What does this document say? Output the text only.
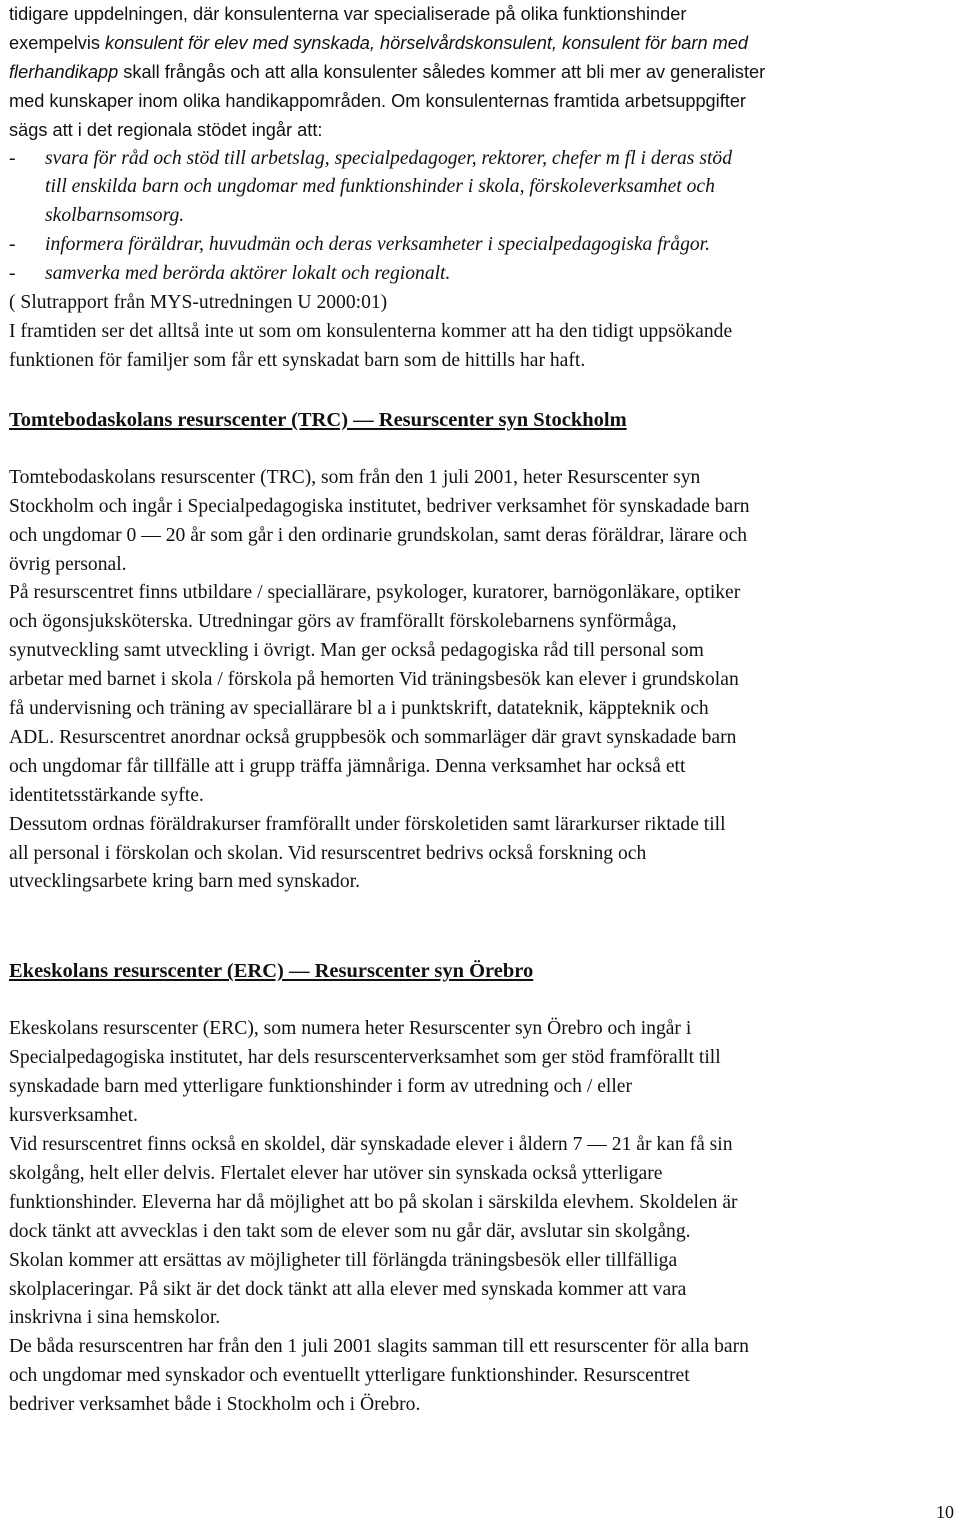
tidigare uppdelningen, där konsulenterna var specialiserade på olika funktionshinder
exempelvis konsulent för elev med synskada, hörselvårdskonsulent, konsulent för barn med
flerhandikapp skall frångås och att alla konsulenter således kommer att bli mer av generalister
med kunskaper inom olika handikappområden. Om konsulenternas framtida arbetsuppgifter
sägs att i det regionala stödet ingår att:
- svara för råd och stöd till arbetslag, specialpedagoger, rektorer, chefer m fl i deras stöd
till enskilda barn och ungdomar med funktionshinder i skola, förskoleverksamhet och
skolbarnsomsorg.
- informera föräldrar, huvudmän och deras verksamheter i specialpedagogiska frågor.
- samverka med berörda aktörer lokalt och regionalt.

( Slutrapport från MYS-utredningen U 2000:01)
I framtiden ser det alltså inte ut som om konsulenterna kommer att ha den tidigt uppsökande
funktionen för familjer som får ett synskadat barn som de hittills har haft.

Tomtebodaskolans resurscenter (TRC) — Resurscenter syn Stockholm

Tomtebodaskolans resurscenter (TRC), som från den 1 juli 2001, heter Resurscenter syn
Stockholm och ingår i Specialpedagogiska institutet, bedriver verksamhet för synskadade barn
och ungdomar 0 — 20 år som går i den ordinarie grundskolan, samt deras föräldrar, lärare och
övrig personal.

På resurscentret finns utbildare / speciallärare, psykologer, kuratorer, barnögonläkare, optiker
och ögonsjuksköterska. Utredningar görs av framförallt förskolebarnens synförmåga,
synutveckling samt utveckling i övrigt. Man ger också pedagogiska råd till personal som
arbetar med barnet i skola / förskola på hemorten Vid träningsbesök kan elever i grundskolan
få undervisning och träning av speciallärare bl a i punktskrift, datateknik, käppteknik och
ADL. Resurscentret anordnar också gruppbesök och sommarläger där gravt synskadade barn
och ungdomar får tillfälle att i grupp träffa jämnåriga. Denna verksamhet har också ett
identitetsstärkande syfte.

Dessutom ordnas föräldrakurser framförallt under förskoletiden samt lärarkurser riktade till
all personal i förskolan och skolan. Vid resurscentret bedrivs också forskning och
utvecklingsarbete kring barn med synskador.

Ekeskolans resurscenter (ERC) — Resurscenter syn Örebro

Ekeskolans resurscenter (ERC), som numera heter Resurscenter syn Örebro och ingår i
Specialpedagogiska institutet, har dels resurscenterverksamhet som ger stöd framförallt till
synskadade barn med ytterligare funktionshinder i form av utredning och / eller
kursverksamhet.

Vid resurscentret finns också en skoldel, där synskadade elever i åldern 7 — 21 år kan få sin
skolgång, helt eller delvis. Flertalet elever har utöver sin synskada också ytterligare
funktionshinder. Eleverna har då möjlighet att bo på skolan i särskilda elevhem. Skoldelen är
dock tänkt att avvecklas i den takt som de elever som nu går där, avslutar sin skolgång.
Skolan kommer att ersättas av möjligheter till förlängda träningsbesök eller tillfälliga
skolplaceringar. På sikt är det dock tänkt att alla elever med synskada kommer att vara
inskrivna i sina hemskolor.

De båda resurscentren har från den 1 juli 2001 slagits samman till ett resurscenter för alla barn
och ungdomar med synskador och eventuellt ytterligare funktionshinder. Resurscentret
bedriver verksamhet både i Stockholm och i Örebro.

10
